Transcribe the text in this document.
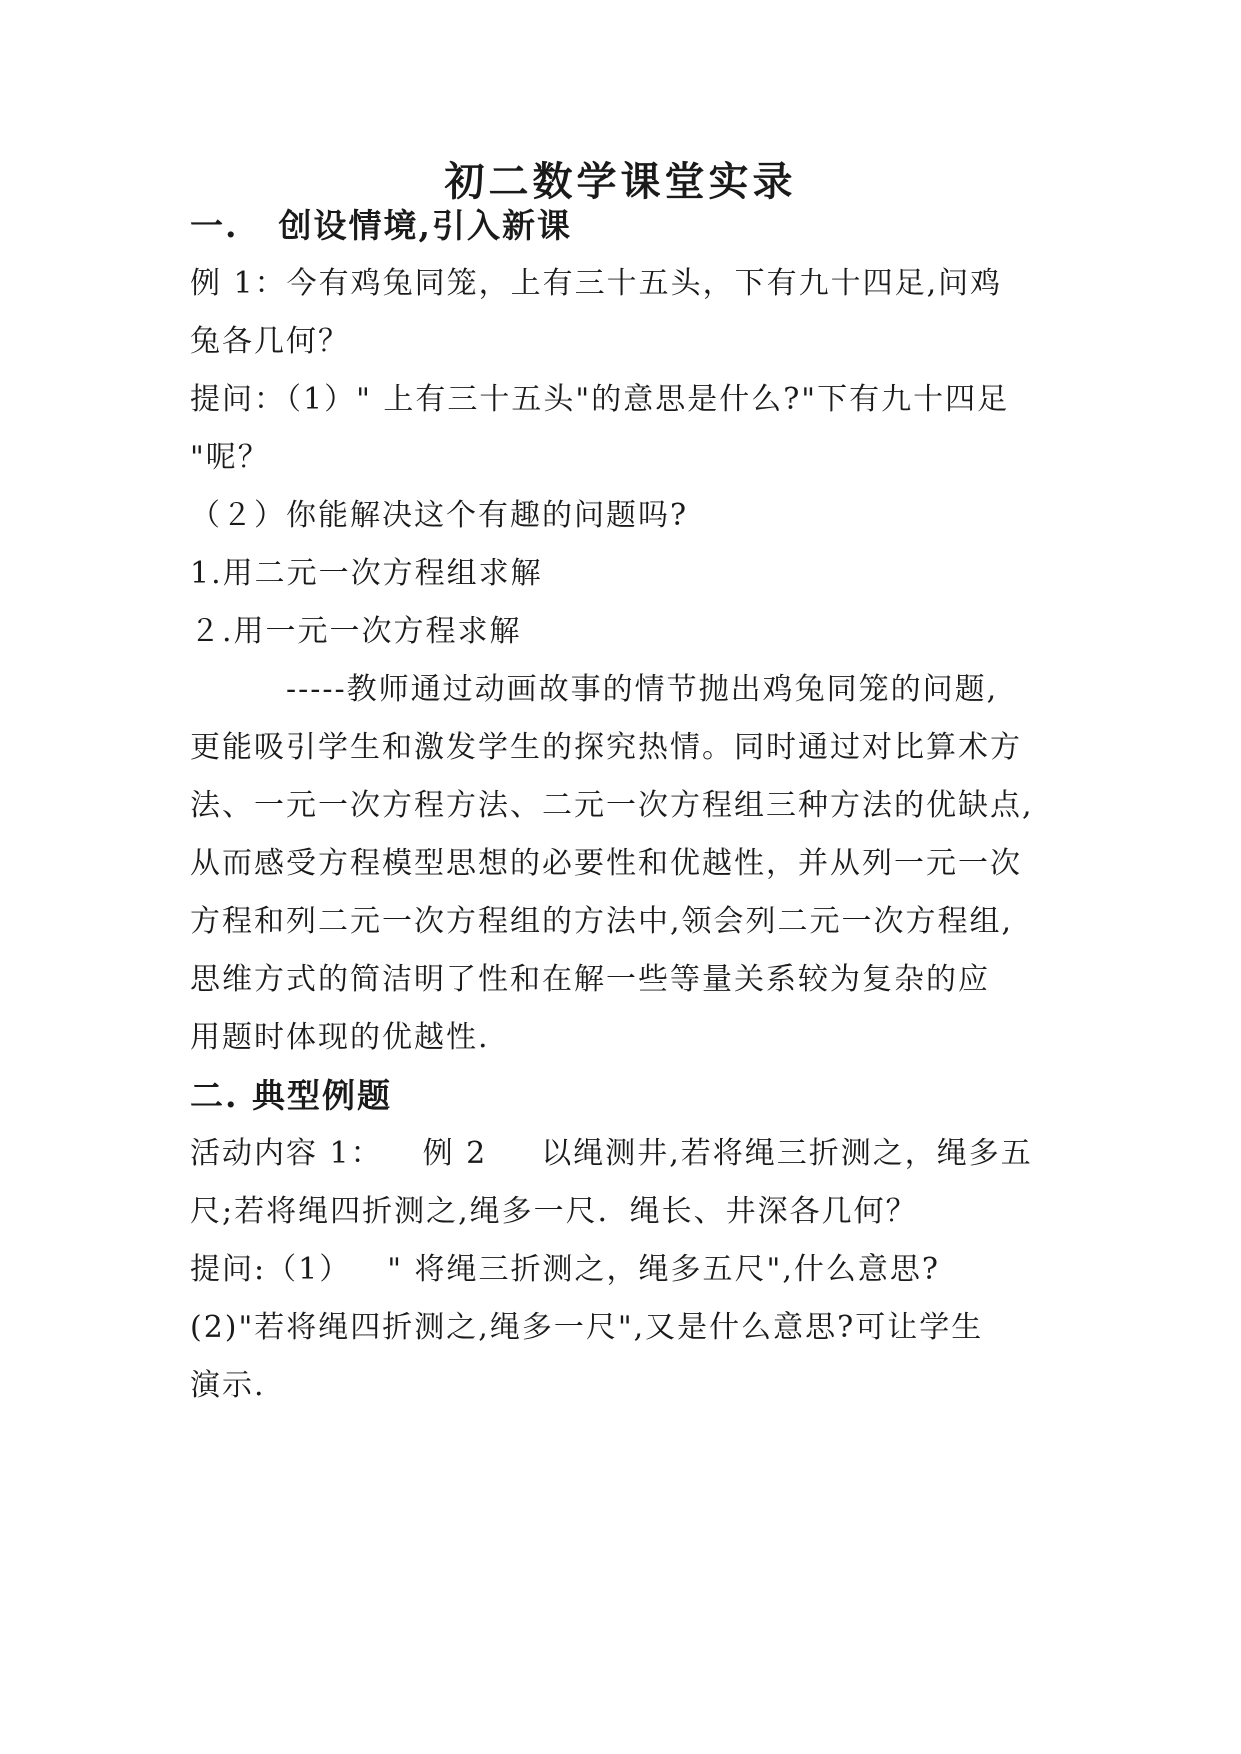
初二数学课堂实录
一. 创设情境,引入新课
例 1：今有鸡兔同笼，上有三十五头，下有九十四足,问鸡
兔各几何？
提问：（1）" 上有三十五头"的意思是什么?"下有九十四足
"呢？
（２）你能解决这个有趣的问题吗?
1.用二元一次方程组求解
２.用一元一次方程求解
-----教师通过动画故事的情节抛出鸡兔同笼的问题,
更能吸引学生和激发学生的探究热情。同时通过对比算术方
法、一元一次方程方法、二元一次方程组三种方法的优缺点,
从而感受方程模型思想的必要性和优越性，并从列一元一次
方程和列二元一次方程组的方法中,领会列二元一次方程组,
思维方式的简洁明了性和在解一些等量关系较为复杂的应
用题时体现的优越性.
二. 典型例题
活动内容 1： 例 2 以绳测井,若将绳三折测之，绳多五
尺;若将绳四折测之,绳多一尺．绳长、井深各几何？
提问:（1） " 将绳三折测之，绳多五尺",什么意思?
(2)"若将绳四折测之,绳多一尺",又是什么意思?可让学生
演示.
